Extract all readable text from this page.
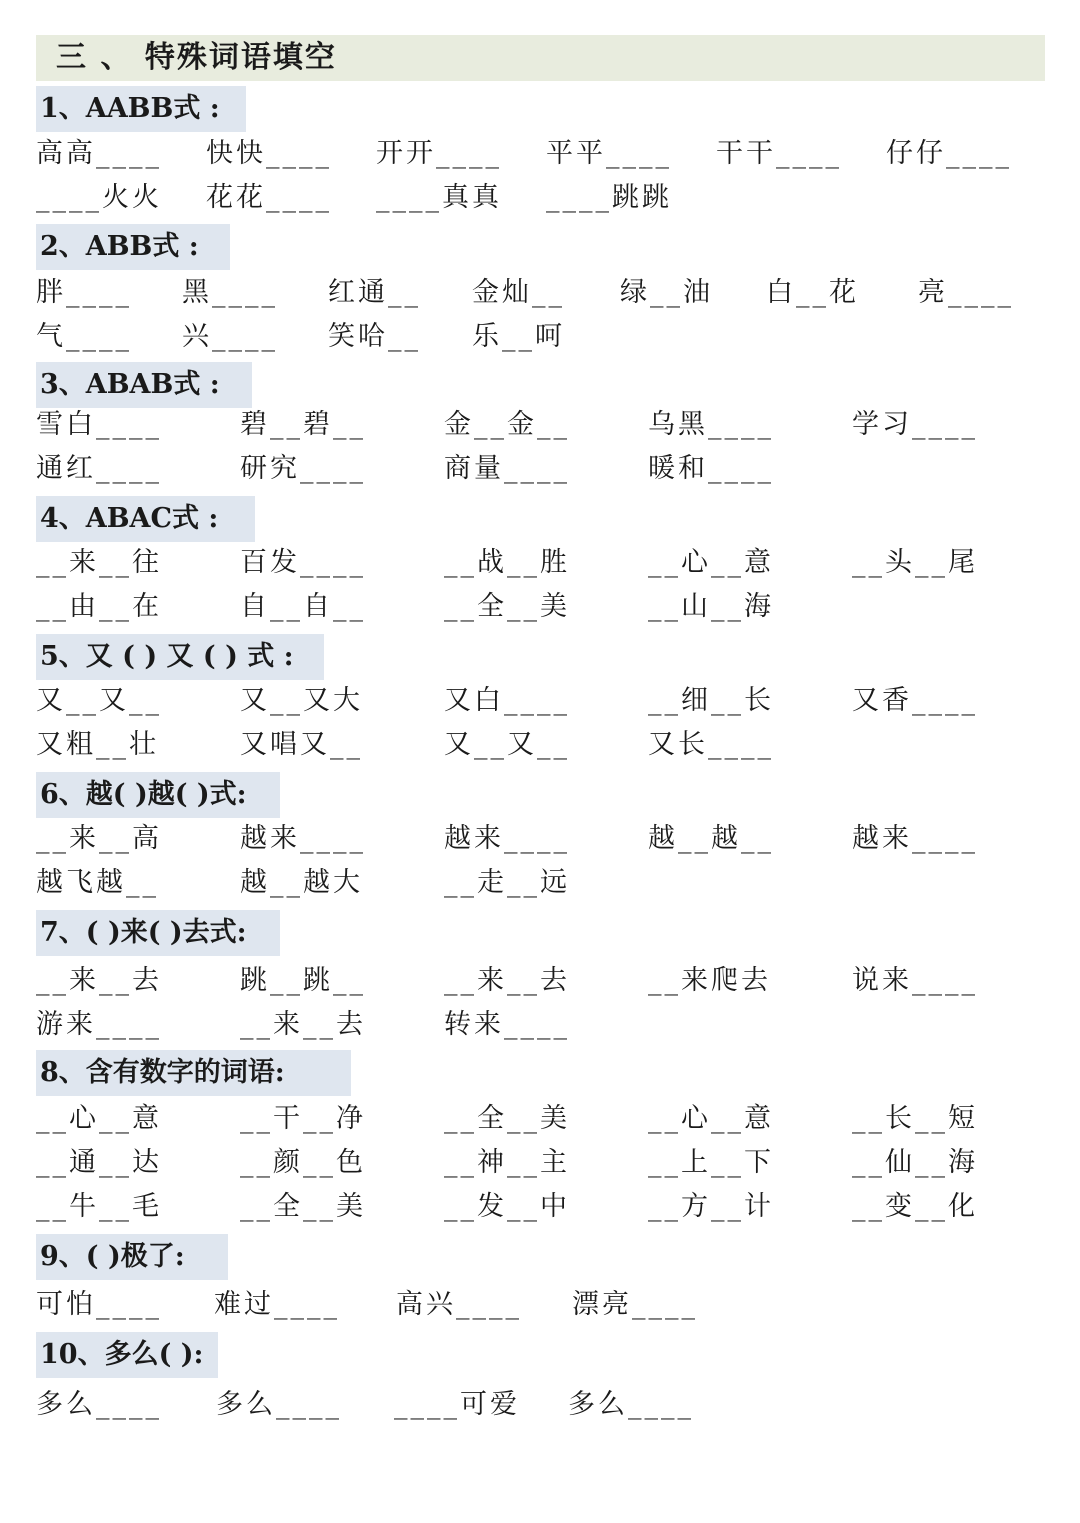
三 、 特殊词语填空
1、AABB式 :
高高____ 快快____ 开开____ 平平____ 干干____ 仔仔____
____火火 花花____ ____真真 ____跳跳
2、ABB式 :
胖____ 黑____ 红通__ 金灿__ 绿__油 白__花 亮____
气____ 兴____ 笑哈__ 乐__呵
3、ABAB式 :
雪白____	碧__碧__	金__金__	乌黑____	学习____
通红____	研究____	商量____	暖和____
4、ABAC式 :
__来__往	百发____	__战__胜	__心__意	__头__尾
__由__在	自__自__	__全__美	__山__海
5、又 ( ) 又 ( ) 式 :
又__又__	又__又大	又白____	__细__长	又香____
又粗__壮	又唱又__	又__又__	又长____
6、越( )越( )式:
__来__高	越来____	越来____	越__越__	越来____
越飞越__	越__越大	__走__远
7、( )来( )去式:
__来__去	跳__跳__	__来__去	__来爬去	说来____
游来____	__来__去	转来____
8、含有数字的词语:
__心__意	__干__净	__全__美	__心__意	__长__短
__通__达	__颜__色	__神__主	__上__下	__仙__海
__牛__毛	__全__美	__发__中	__方__计	__变__化
9、( )极了:
可怕____ 难过____ 高兴____ 漂亮____
10、多么( ):
多么____ 多么____ ____可爱 多么____
